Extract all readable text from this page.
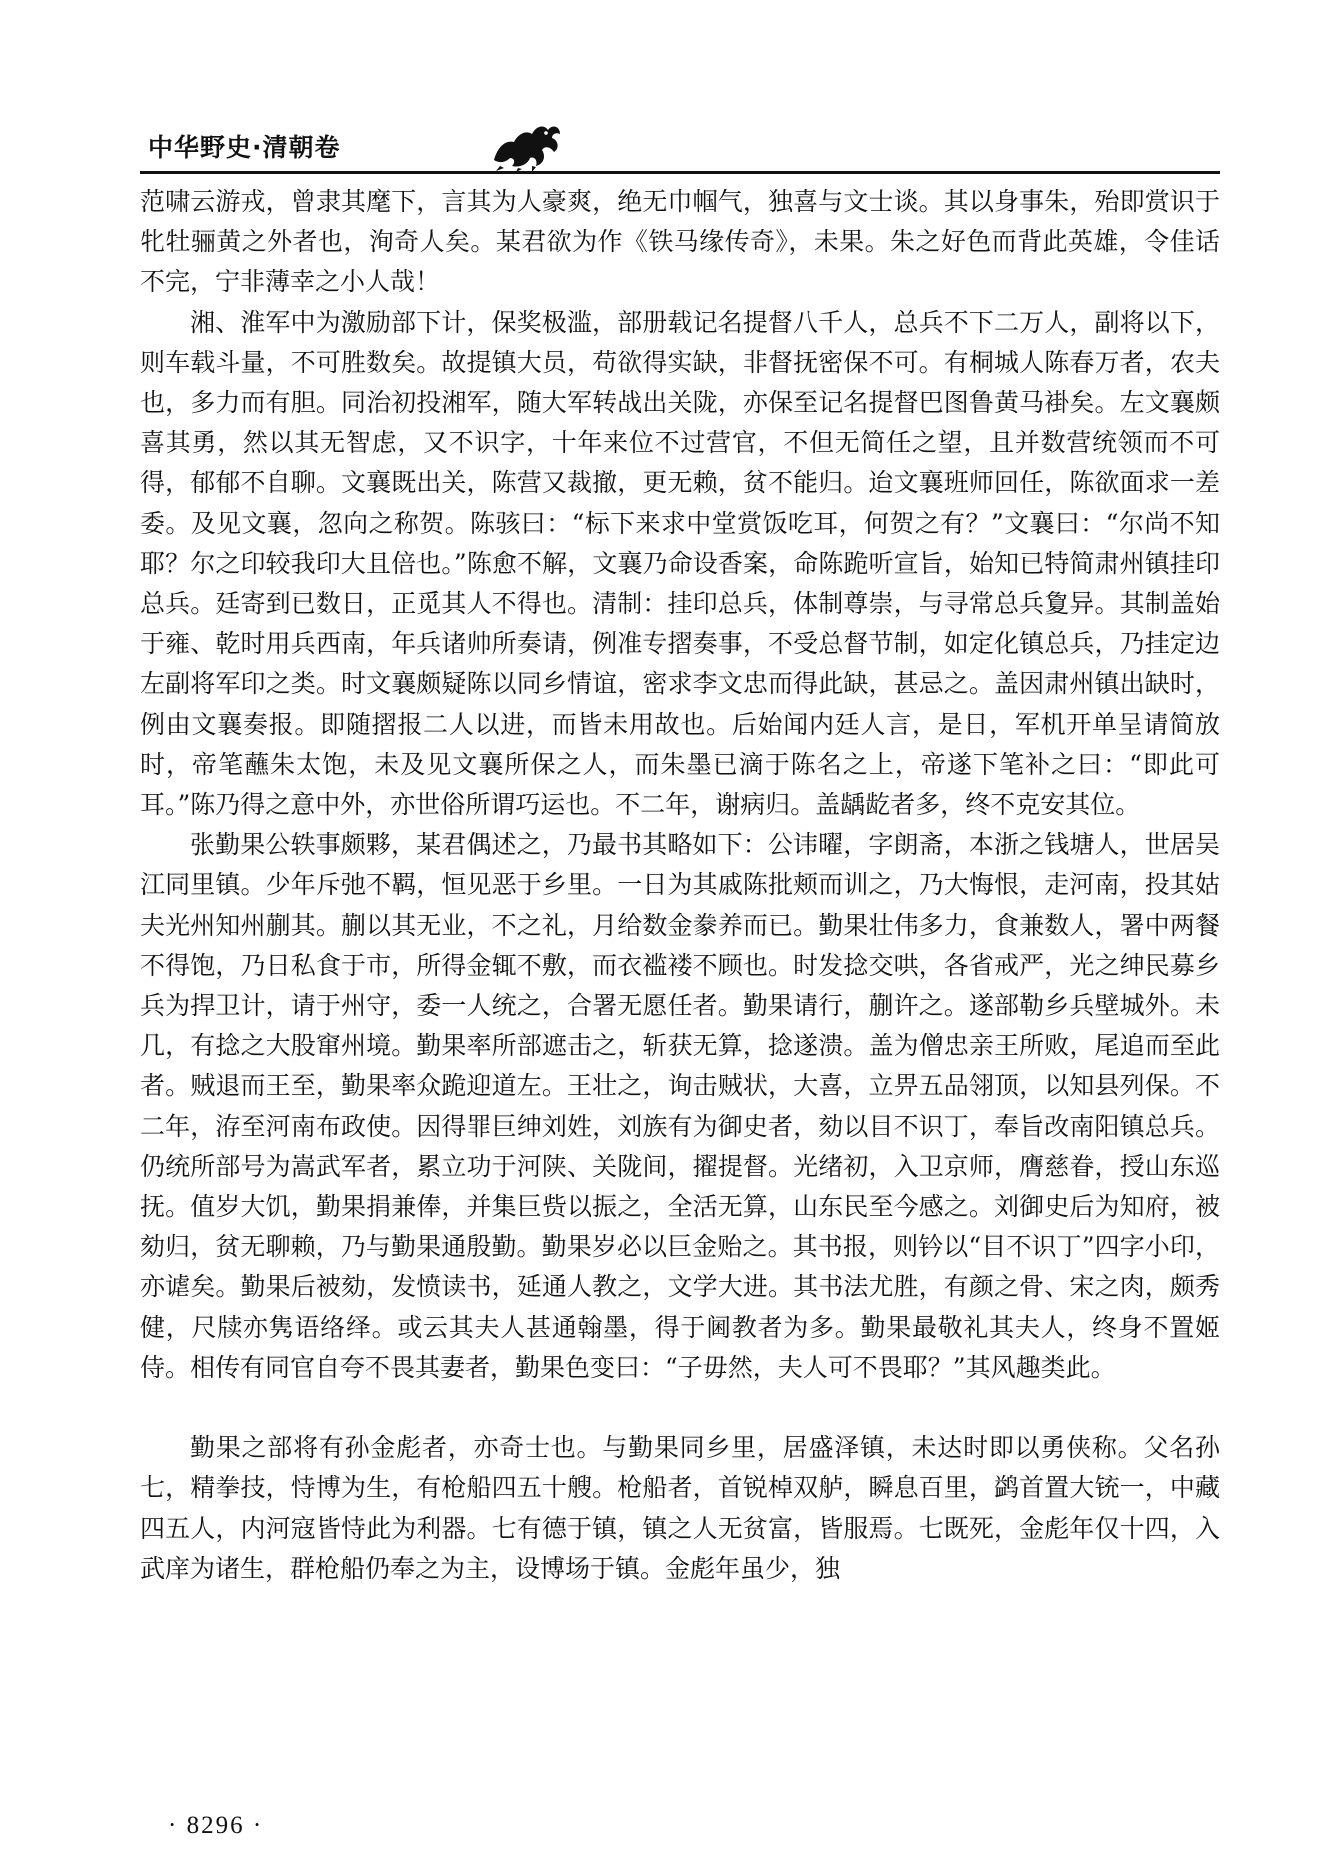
中华野史·清朝卷

范啸云游戎，曾隶其麾下，言其为人豪爽，绝无巾帼气，独喜与文士谈。其以身事朱，殆即赏识于牝牡骊黄之外者也，洵奇人矣。某君欲为作《铁马缘传奇》，未果。朱之好色而背此英雄，令佳话不完，宁非薄幸之小人哉！

湘、淮军中为激励部下计，保奖极滥，部册载记名提督八千人，总兵不下二万人，副将以下，则车载斗量，不可胜数矣。故提镇大员，苟欲得实缺，非督抚密保不可。有桐城人陈春万者，农夫也，多力而有胆。同治初投湘军，随大军转战出关陇，亦保至记名提督巴图鲁黄马褂矣。左文襄颇喜其勇，然以其无智虑，又不识字，十年来位不过营官，不但无简任之望，且并数营统领而不可得，郁郁不自聊。文襄既出关，陈营又裁撤，更无赖，贫不能归。迨文襄班师回任，陈欲面求一差委。及见文襄，忽向之称贺。陈骇曰：“标下来求中堂赏饭吃耳，何贺之有？”文襄曰：“尔尚不知耶？尔之印较我印大且倍也。”陈愈不解，文襄乃命设香案，命陈跪听宣旨，始知已特简肃州镇挂印总兵。廷寄到已数日，正觅其人不得也。清制：挂印总兵，体制尊崇，与寻常总兵夐异。其制盖始于雍、乾时用兵西南，年兵诸帅所奏请，例准专摺奏事，不受总督节制，如定化镇总兵，乃挂定边左副将军印之类。时文襄颇疑陈以同乡情谊，密求李文忠而得此缺，甚忌之。盖因肃州镇出缺时，例由文襄奏报。即随摺报二人以进，而皆未用故也。后始闻内廷人言，是日，军机开单呈请简放时，帝笔蘸朱太饱，未及见文襄所保之人，而朱墨已滴于陈名之上，帝遂下笔补之曰：“即此可耳。”陈乃得之意中外，亦世俗所谓巧运也。不二年，谢病归。盖龋龁者多，终不克安其位。

张勤果公轶事颇夥，某君偶述之，乃最书其略如下：公讳曜，字朗斋，本浙之钱塘人，世居吴江同里镇。少年斥弛不羁，恒见恶于乡里。一日为其戚陈批颊而训之，乃大悔恨，走河南，投其姑夫光州知州蒯其。蒯以其无业，不之礼，月给数金豢养而已。勤果壮伟多力，食兼数人，署中两餐不得饱，乃日私食于市，所得金辄不敷，而衣褴褛不顾也。时发捻交哄，各省戒严，光之绅民募乡兵为捍卫计，请于州守，委一人统之，合署无愿任者。勤果请行，蒯许之。遂部勒乡兵壁城外。未几，有捻之大股窜州境。勤果率所部遮击之，斩获无算，捻遂溃。盖为僧忠亲王所败，尾追而至此者。贼退而王至，勤果率众跪迎道左。王壮之，询击贼状，大喜，立畀五品翎顶，以知县列保。不二年，洊至河南布政使。因得罪巨绅刘姓，刘族有为御史者，劾以目不识丁，奉旨改南阳镇总兵。仍统所部号为嵩武军者，累立功于河陕、关陇间，擢提督。光绪初，入卫京师，膺慈眷，授山东巡抚。值岁大饥，勤果捐兼俸，并集巨赀以振之，全活无算，山东民至今感之。刘御史后为知府，被劾归，贫无聊赖，乃与勤果通殷勤。勤果岁必以巨金贻之。其书报，则钤以“目不识丁”四字小印，亦谑矣。勤果后被劾，发愤读书，延通人教之，文学大进。其书法尤胜，有颜之骨、宋之肉，颇秀健，尺牍亦隽语络绎。或云其夫人甚通翰墨，得于阃教者为多。勤果最敬礼其夫人，终身不置姬侍。相传有同官自夸不畏其妻者，勤果色变曰：“子毋然，夫人可不畏耶？”其风趣类此。

勤果之部将有孙金彪者，亦奇士也。与勤果同乡里，居盛泽镇，未达时即以勇侠称。父名孙七，精拳技，恃博为生，有枪船四五十艘。枪船者，首锐棹双舻，瞬息百里，鹢首置大铳一，中藏四五人，内河寇皆恃此为利器。七有德于镇，镇之人无贫富，皆服焉。七既死，金彪年仅十四，入武庠为诸生，群枪船仍奉之为主，设博场于镇。金彪年虽少，独

· 8296 ·
